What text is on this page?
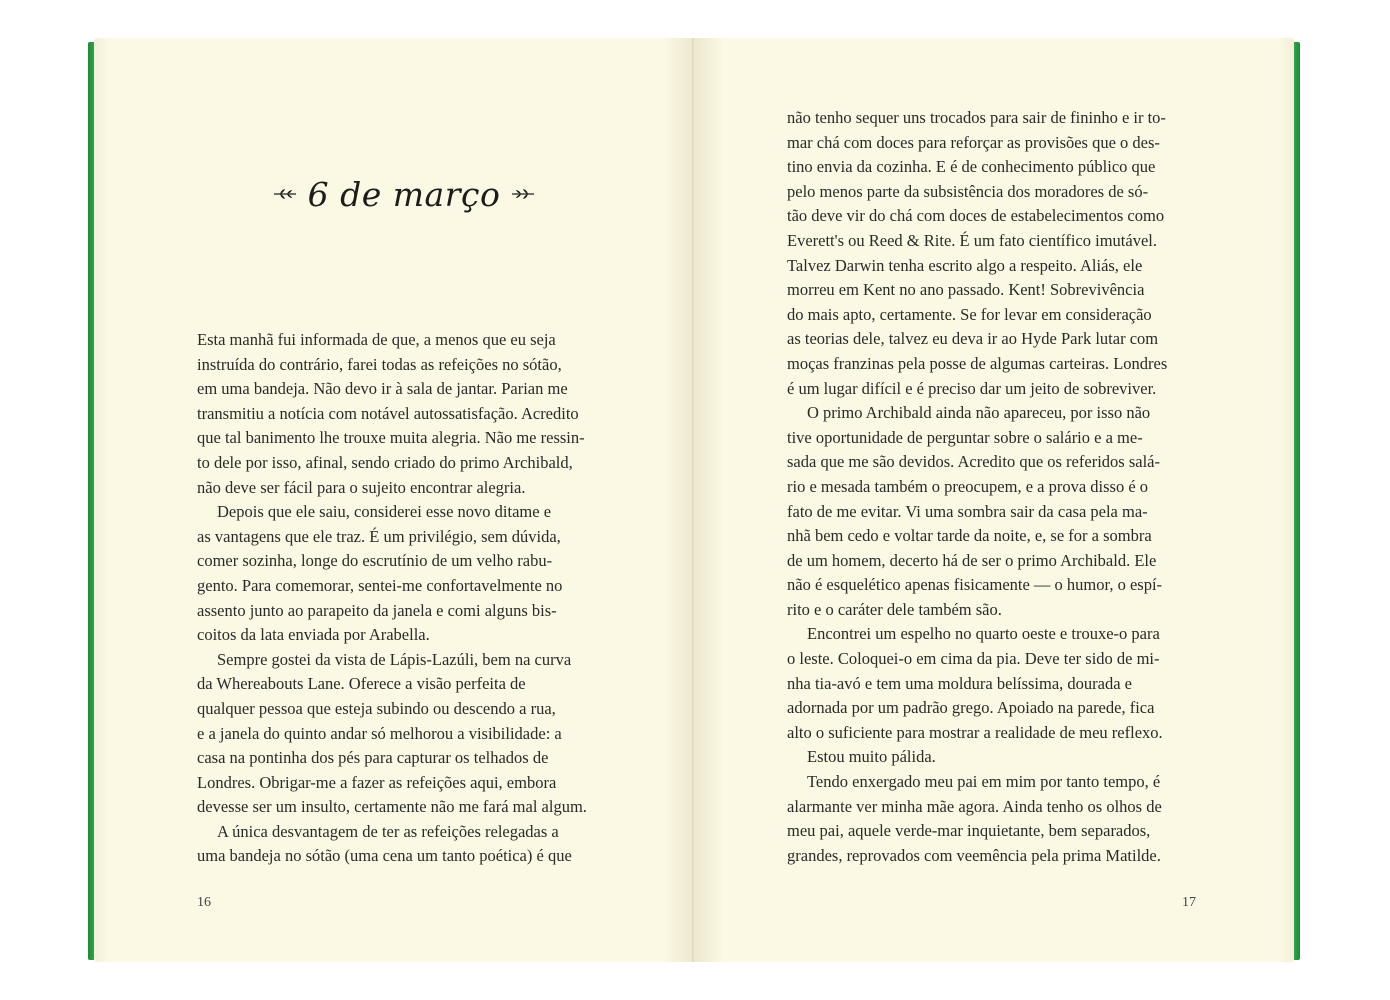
6 de março
Esta manhã fui informada de que, a menos que eu seja
instruída do contrário, farei todas as refeições no sótão,
em uma bandeja. Não devo ir à sala de jantar. Parian me
transmitiu a notícia com notável autossatisfação. Acredito
que tal banimento lhe trouxe muita alegria. Não me ressin-
to dele por isso, afinal, sendo criado do primo Archibald,
não deve ser fácil para o sujeito encontrar alegria.
Depois que ele saiu, considerei esse novo ditame e
as vantagens que ele traz. É um privilégio, sem dúvida,
comer sozinha, longe do escrutínio de um velho rabu-
gento. Para comemorar, sentei-me confortavelmente no
assento junto ao parapeito da janela e comi alguns bis-
coitos da lata enviada por Arabella.
Sempre gostei da vista de Lápis-Lazúli, bem na curva
da Whereabouts Lane. Oferece a visão perfeita de
qualquer pessoa que esteja subindo ou descendo a rua,
e a janela do quinto andar só melhorou a visibilidade: a
casa na pontinha dos pés para capturar os telhados de
Londres. Obrigar-me a fazer as refeições aqui, embora
devesse ser um insulto, certamente não me fará mal algum.
A única desvantagem de ter as refeições relegadas a
uma bandeja no sótão (uma cena um tanto poética) é que
16
não tenho sequer uns trocados para sair de fininho e ir to-
mar chá com doces para reforçar as provisões que o des-
tino envia da cozinha. E é de conhecimento público que
pelo menos parte da subsistência dos moradores de só-
tão deve vir do chá com doces de estabelecimentos como
Everett's ou Reed & Rite. É um fato científico imutável.
Talvez Darwin tenha escrito algo a respeito. Aliás, ele
morreu em Kent no ano passado. Kent! Sobrevivência
do mais apto, certamente. Se for levar em consideração
as teorias dele, talvez eu deva ir ao Hyde Park lutar com
moças franzinas pela posse de algumas carteiras. Londres
é um lugar difícil e é preciso dar um jeito de sobreviver.
O primo Archibald ainda não apareceu, por isso não
tive oportunidade de perguntar sobre o salário e a me-
sada que me são devidos. Acredito que os referidos salá-
rio e mesada também o preocupem, e a prova disso é o
fato de me evitar. Vi uma sombra sair da casa pela ma-
nhã bem cedo e voltar tarde da noite, e, se for a sombra
de um homem, decerto há de ser o primo Archibald. Ele
não é esquelético apenas fisicamente — o humor, o espí-
rito e o caráter dele também são.
Encontrei um espelho no quarto oeste e trouxe-o para
o leste. Coloquei-o em cima da pia. Deve ter sido de mi-
nha tia-avó e tem uma moldura belíssima, dourada e
adornada por um padrão grego. Apoiado na parede, fica
alto o suficiente para mostrar a realidade de meu reflexo.
Estou muito pálida.
Tendo enxergado meu pai em mim por tanto tempo, é
alarmante ver minha mãe agora. Ainda tenho os olhos de
meu pai, aquele verde-mar inquietante, bem separados,
grandes, reprovados com veemência pela prima Matilde.
17
